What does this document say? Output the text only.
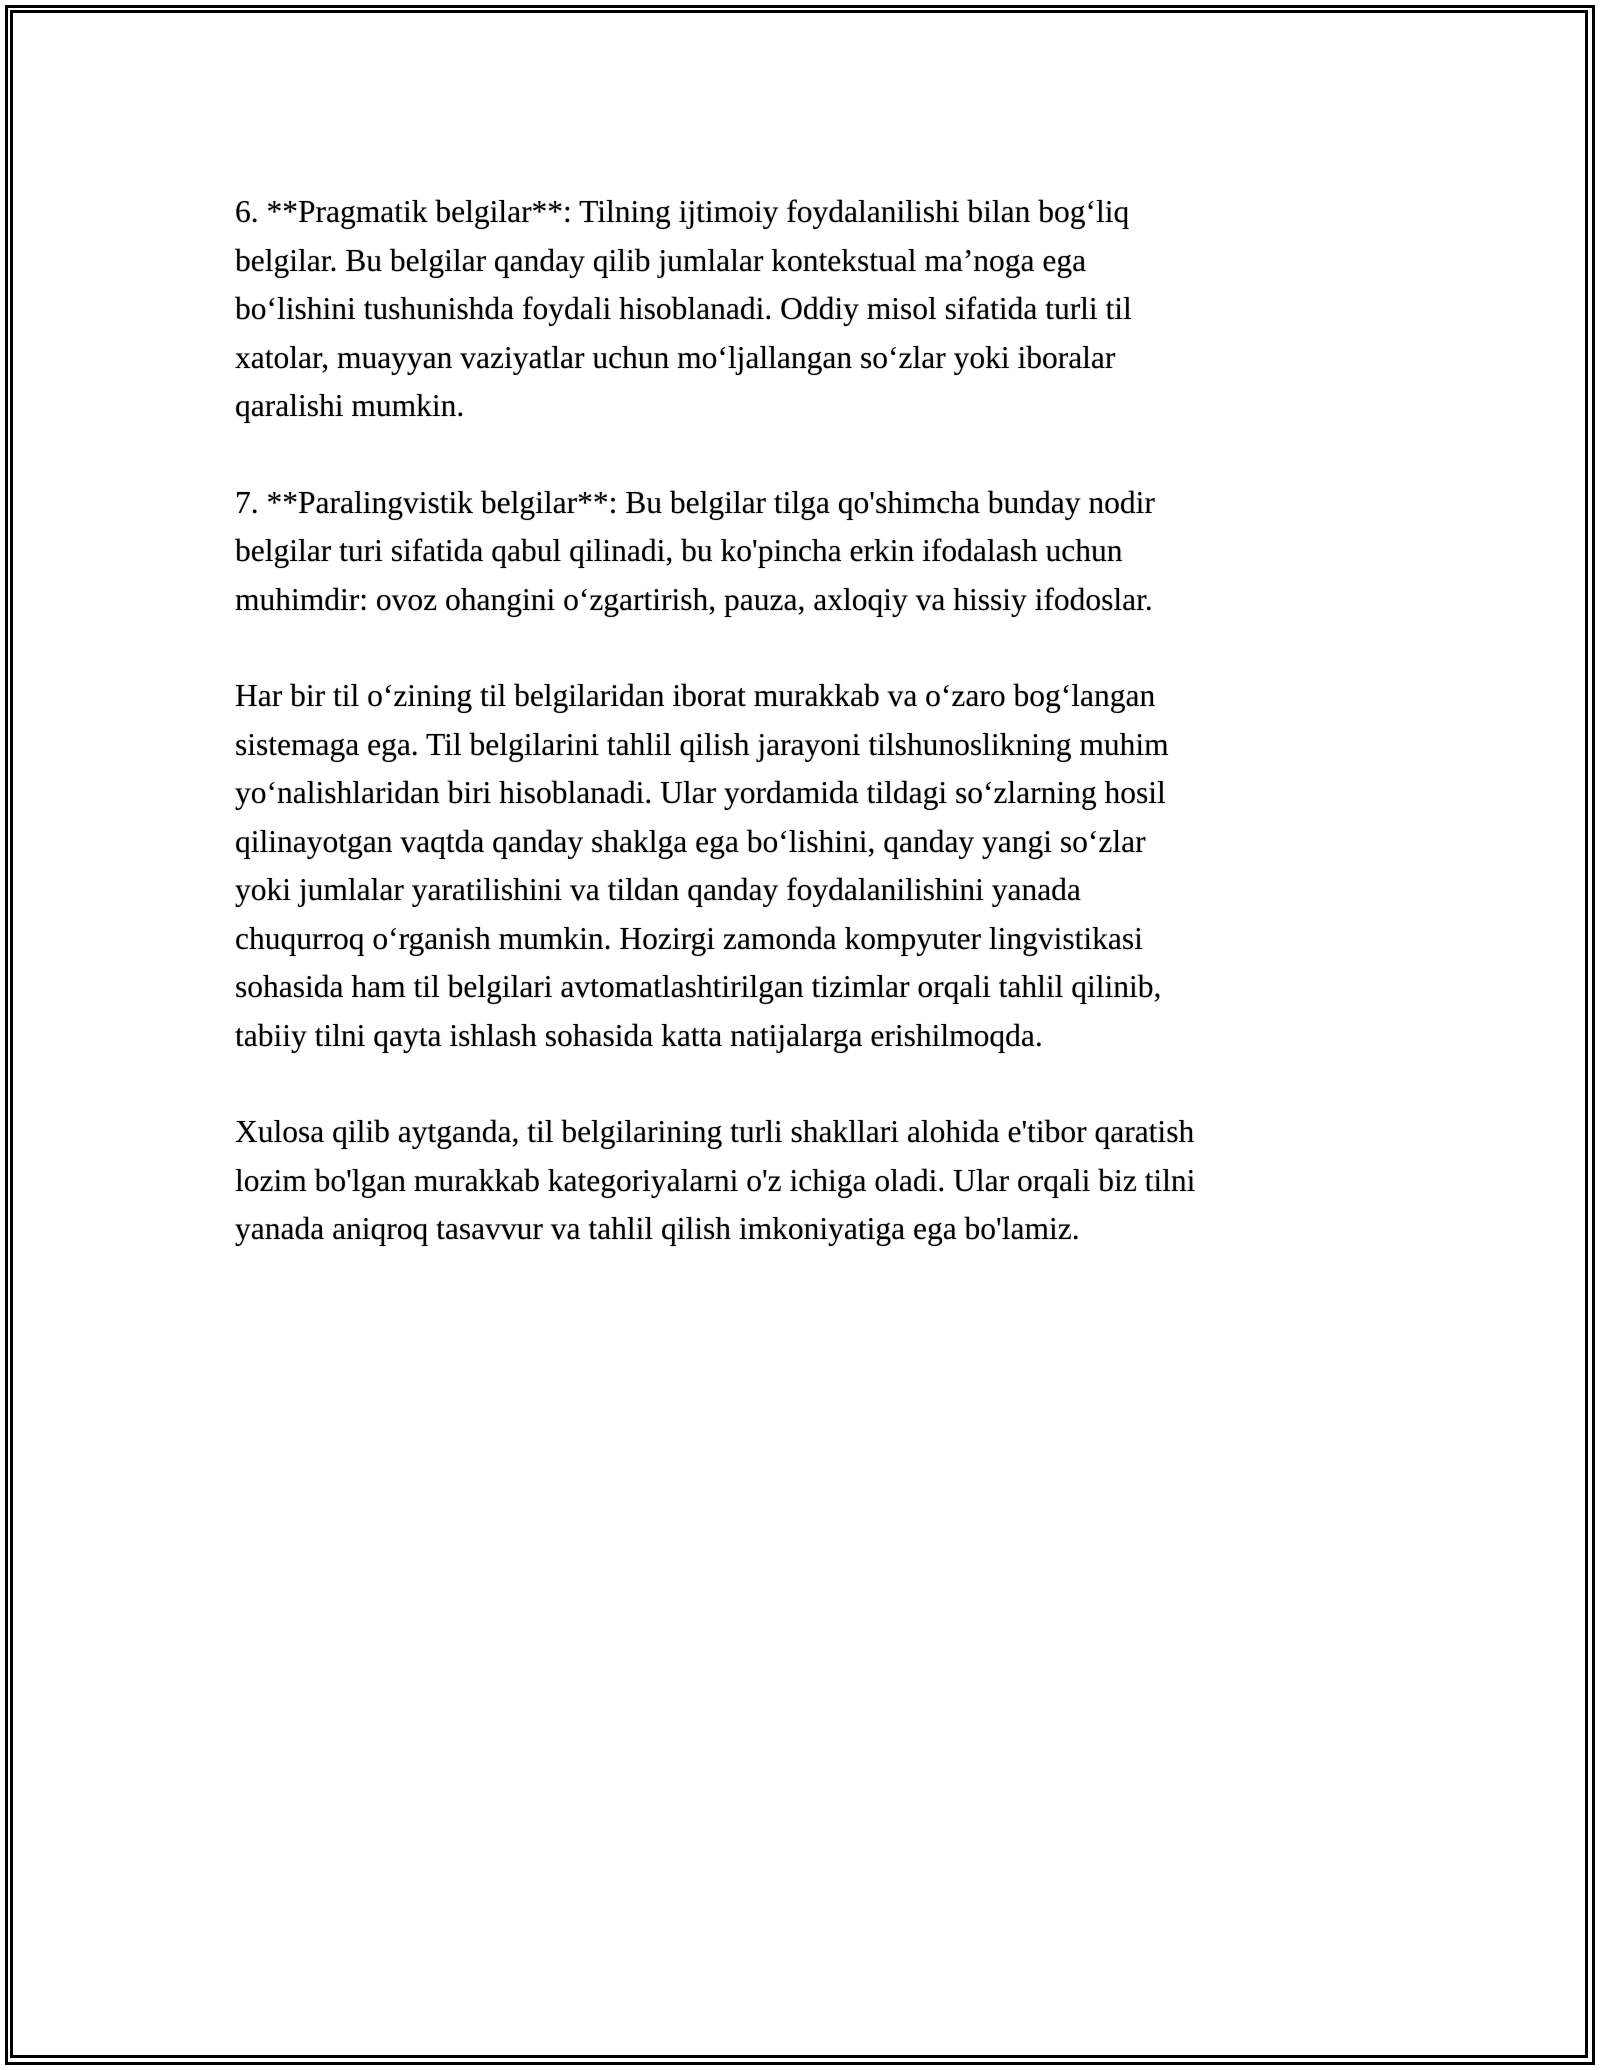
6. **Pragmatik belgilar**: Tilning ijtimoiy foydalanilishi bilan bog‘liq
belgilar. Bu belgilar qanday qilib jumlalar kontekstual ma’noga ega
bo‘lishini tushunishda foydali hisoblanadi. Oddiy misol sifatida turli til
xatolar, muayyan vaziyatlar uchun mo‘ljallangan so‘zlar yoki iboralar
qaralishi mumkin.

7. **Paralingvistik belgilar**: Bu belgilar tilga qo'shimcha bunday nodir
belgilar turi sifatida qabul qilinadi, bu ko'pincha erkin ifodalash uchun
muhimdir: ovoz ohangini o‘zgartirish, pauza, axloqiy va hissiy ifodoslar.

Har bir til o‘zining til belgilaridan iborat murakkab va o‘zaro bog‘langan
sistemaga ega. Til belgilarini tahlil qilish jarayoni tilshunoslikning muhim
yo‘nalishlaridan biri hisoblanadi. Ular yordamida tildagi so‘zlarning hosil
qilinayotgan vaqtda qanday shaklga ega bo‘lishini, qanday yangi so‘zlar
yoki jumlalar yaratilishini va tildan qanday foydalanilishini yanada
chuqurroq o‘rganish mumkin. Hozirgi zamonda kompyuter lingvistikasi
sohasida ham til belgilari avtomatlashtirilgan tizimlar orqali tahlil qilinib,
tabiiy tilni qayta ishlash sohasida katta natijalarga erishilmoqda.

Xulosa qilib aytganda, til belgilarining turli shakllari alohida e'tibor qaratish
lozim bo'lgan murakkab kategoriyalarni o'z ichiga oladi. Ular orqali biz tilni
yanada aniqroq tasavvur va tahlil qilish imkoniyatiga ega bo'lamiz.
